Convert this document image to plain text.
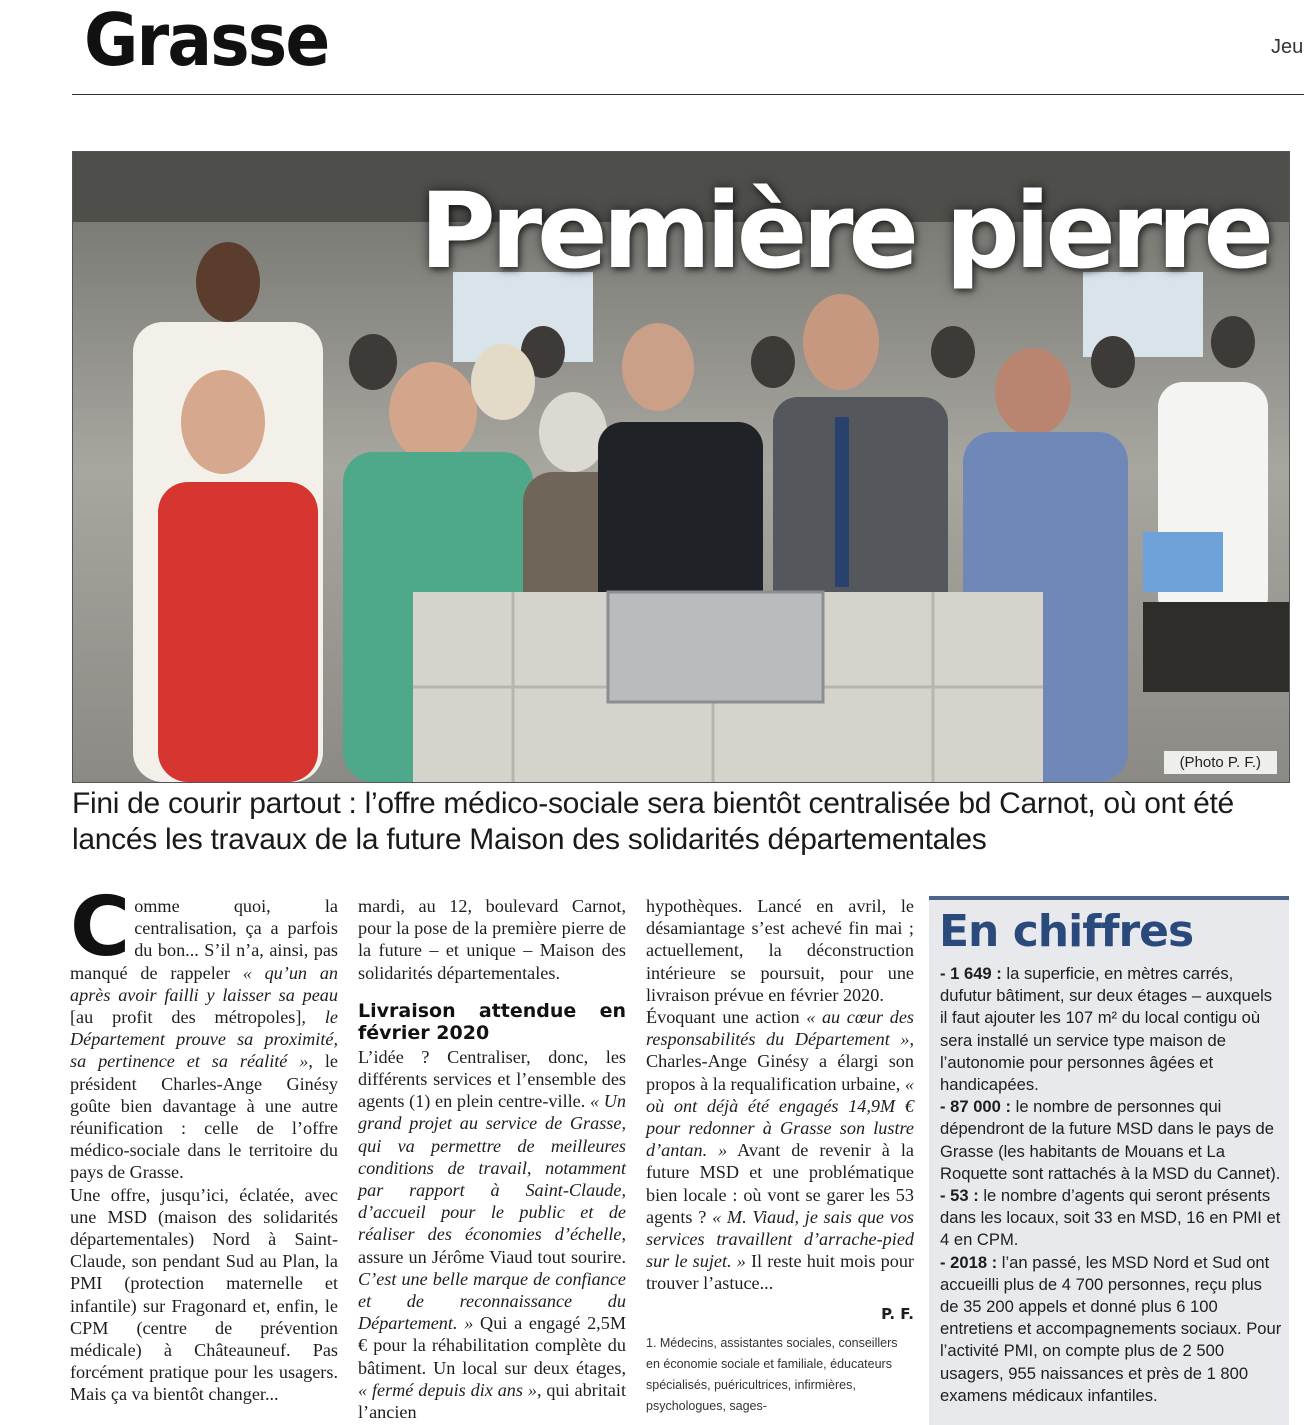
Grasse	Jeu
Première pierre
(Photo P. F.)
Fini de courir partout : l’offre médico-sociale sera bientôt centralisée bd Carnot, où ont été lancés les travaux de la future Maison des solidarités départementales

Comme quoi, la centralisation, ça a parfois du bon... S’il n’a, ainsi, pas manqué de rappeler « qu’un an après avoir failli y laisser sa peau [au profit des métropoles], le Département prouve sa proximité, sa pertinence et sa réalité », le président Charles-Ange Ginésy goûte bien davantage à une autre réunification : celle de l’offre médico-sociale dans le territoire du pays de Grasse.

Une offre, jusqu’ici, éclatée, avec une MSD (maison des solidarités départementales) Nord à Saint-Claude, son pendant Sud au Plan, la PMI (protection maternelle et infantile) sur Fragonard et, enfin, le CPM (centre de prévention médicale) à Châteauneuf. Pas forcément pratique pour les usagers. Mais ça va bientôt changer...

mardi, au 12, boulevard Carnot, pour la pose de la première pierre de la future – et unique – Maison des solidarités départementales.

Livraison attendue en février 2020

L’idée ? Centraliser, donc, les différents services et l’ensemble des agents (1) en plein centre-ville. « Un grand projet au service de Grasse, qui va permettre de meilleures conditions de travail, notamment par rapport à Saint-Claude, d’accueil pour le public et de réaliser des économies d’échelle, assure un Jérôme Viaud tout sourire. C’est une belle marque de confiance et de reconnaissance du Département. » Qui a engagé 2,5M € pour la réhabilitation complète du bâtiment. Un local sur deux étages, « fermé depuis dix ans », qui abritait l’ancien

hypothèques. Lancé en avril, le désamiantage s’est achevé fin mai ; actuellement, la déconstruction intérieure se poursuit, pour une livraison prévue en février 2020.

Évoquant une action « au cœur des responsabilités du Département », Charles-Ange Ginésy a élargi son propos à la requalification urbaine, « où ont déjà été engagés 14,9M € pour redonner à Grasse son lustre d’antan. » Avant de revenir à la future MSD et une problématique bien locale : où vont se garer les 53 agents ? « M. Viaud, je sais que vos services travaillent d’arrache-pied sur le sujet. » Il reste huit mois pour trouver l’astuce...

P. F.
1. Médecins, assistantes sociales, conseillers en économie sociale et familiale, éducateurs spécialisés, puéricultrices, infirmières, psychologues, sages-
En chiffres

- 1 649 : la superficie, en mètres carrés, dufutur bâtiment, sur deux étages – auxquels il faut ajouter les 107 m² du local contigu où sera installé un service type maison de l’autonomie pour personnes âgées et handicapées.

- 87 000 : le nombre de personnes qui dépendront de la future MSD dans le pays de Grasse (les habitants de Mouans et La Roquette sont rattachés à la MSD du Cannet).

- 53 : le nombre d’agents qui seront présents dans les locaux, soit 33 en MSD, 16 en PMI et 4 en CPM.

- 2018 : l’an passé, les MSD Nord et Sud ont accueilli plus de 4 700 personnes, reçu plus de 35 200 appels et donné plus 6 100 entretiens et accompagnements sociaux. Pour l’activité PMI, on compte plus de 2 500 usagers, 955 naissances et près de 1 800 examens médicaux infantiles.
